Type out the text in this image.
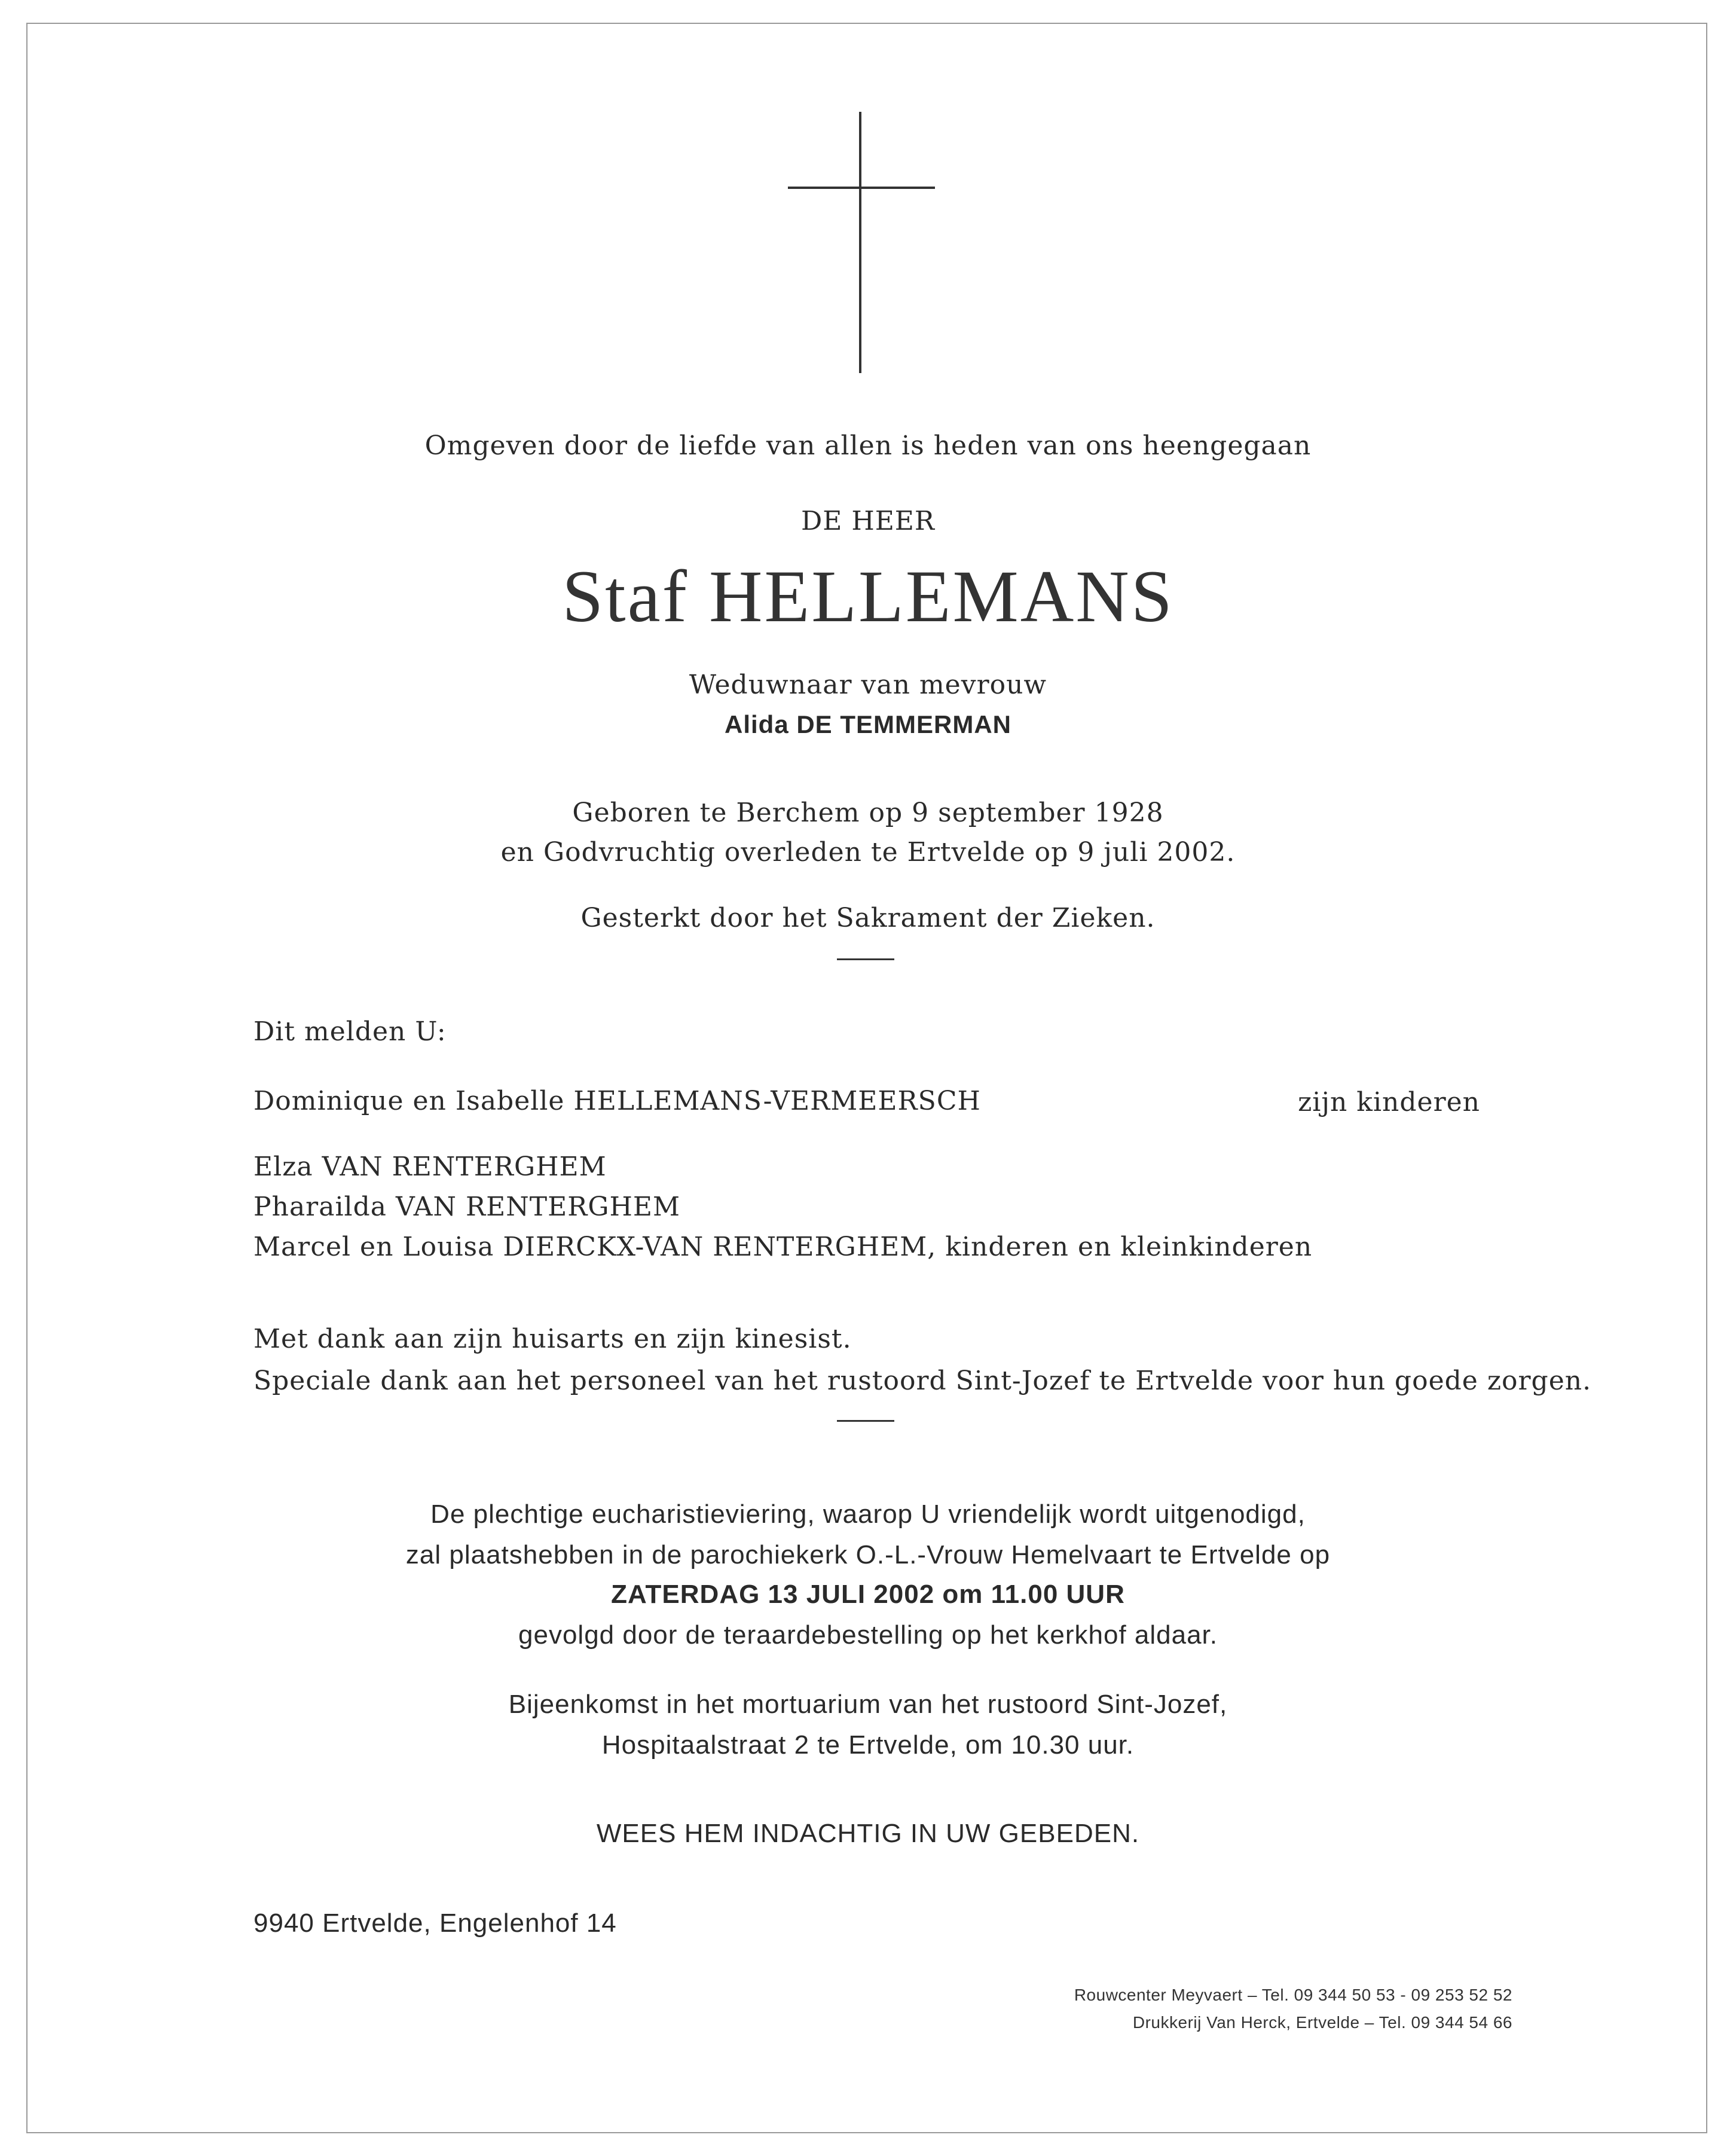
Omgeven door de liefde van allen is heden van ons heengegaan
DE HEER
Staf HELLEMANS
Weduwnaar van mevrouw
Alida DE TEMMERMAN
Geboren te Berchem op 9 september 1928
en Godvruchtig overleden te Ertvelde op 9 juli 2002.
Gesterkt door het Sakrament der Zieken.
Dit melden U:
Dominique en Isabelle HELLEMANS-VERMEERSCH	zijn kinderen
Elza VAN RENTERGHEM
Pharailda VAN RENTERGHEM
Marcel en Louisa DIERCKX-VAN RENTERGHEM, kinderen en kleinkinderen
Met dank aan zijn huisarts en zijn kinesist.
Speciale dank aan het personeel van het rustoord Sint-Jozef te Ertvelde voor hun goede zorgen.
De plechtige eucharistieviering, waarop U vriendelijk wordt uitgenodigd,
zal plaatshebben in de parochiekerk O.-L.-Vrouw Hemelvaart te Ertvelde op
ZATERDAG 13 JULI 2002 om 11.00 UUR
gevolgd door de teraardebestelling op het kerkhof aldaar.
Bijeenkomst in het mortuarium van het rustoord Sint-Jozef,
Hospitaalstraat 2 te Ertvelde, om 10.30 uur.
WEES HEM INDACHTIG IN UW GEBEDEN.
9940 Ertvelde, Engelenhof 14
Rouwcenter Meyvaert – Tel. 09 344 50 53 - 09 253 52 52
Drukkerij Van Herck, Ertvelde – Tel. 09 344 54 66
